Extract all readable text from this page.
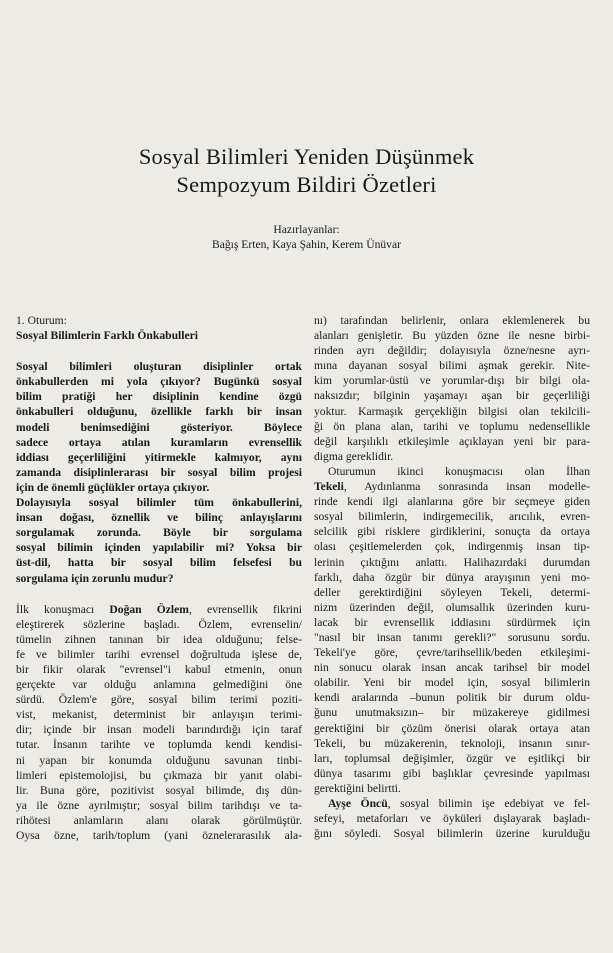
Sosyal Bilimleri Yeniden Düşünmek
Sempozyum Bildiri Özetleri
Hazırlayanlar:
Bağış Erten, Kaya Şahin, Kerem Ünüvar
1. Oturum:
Sosyal Bilimlerin Farklı Önkabulleri
Sosyal bilimleri oluşturan disiplinler ortak
önkabullerden mi yola çıkıyor? Bugünkü sosyal
bilim pratiği her disiplinin kendine özgü
önkabulleri olduğunu, özellikle farklı bir insan
modeli benimsediğini gösteriyor. Böylece
sadece ortaya atılan kuramların evrensellik
iddiası geçerliliğini yitirmekle kalmıyor, aynı
zamanda disiplinlerarası bir sosyal bilim projesi
için de önemli güçlükler ortaya çıkıyor.
Dolayısıyla sosyal bilimler tüm önkabullerini,
insan doğası, öznellik ve bilinç anlayışlarını
sorgulamak zorunda. Böyle bir sorgulama
sosyal bilimin içinden yapılabilir mi? Yoksa bir
üst-dil, hatta bir sosyal bilim felsefesi bu
sorgulama için zorunlu mudur?
İlk konuşmacı Doğan Özlem, evrensellik fikrini
eleştirerek sözlerine başladı. Özlem, evrenselin/
tümelin zihnen tanınan bir idea olduğunu; felse-
fe ve bilimler tarihi evrensel doğrultuda işlese de,
bir fikir olarak "evrensel"i kabul etmenin, onun
gerçekte var olduğu anlamına gelmediğini öne
sürdü. Özlem'e göre, sosyal bilim terimi poziti-
vist, mekanist, determinist bir anlayışın terimi-
dir; içinde bir insan modeli barındırdığı için taraf
tutar. İnsanın tarihte ve toplumda kendi kendisi-
ni yapan bir konumda olduğunu savunan tinbi-
limleri epistemolojisi, bu çıkmaza bir yanıt olabi-
lir. Buna göre, pozitivist sosyal bilimde, dış dün-
ya ile özne ayrılmıştır; sosyal bilim tarihdışı ve ta-
rihötesi anlamların alanı olarak görülmüştür.
Oysa özne, tarih/toplum (yani öznelerarasılık ala-
nı) tarafından belirlenir, onlara eklemlenerek bu
alanları genişletir. Bu yüzden özne ile nesne birbi-
rinden ayrı değildir; dolayısıyla özne/nesne ayrı-
mına dayanan sosyal bilimi aşmak gerekir. Nite-
kim yorumlar-üstü ve yorumlar-dışı bir bilgi ola-
naksızdır; bilginin yaşamayı aşan bir geçerliliği
yoktur. Karmaşık gerçekliğin bilgisi olan tekilcili-
ği ön plana alan, tarihi ve toplumu nedensellikle
değil karşılıklı etkileşimle açıklayan yeni bir para-
digma gereklidir.
Oturumun ikinci konuşmacısı olan İlhan
Tekeli, Aydınlanma sonrasında insan modelle-
rinde kendi ilgi alanlarına göre bir seçmeye giden
sosyal bilimlerin, indirgemecilik, arıcılık, evren-
selcilik gibi risklere girdiklerini, sonuçta da ortaya
olası çeşitlemelerden çok, indirgenmiş insan tip-
lerinin çıktığını anlattı. Halihazırdaki durumdan
farklı, daha özgür bir dünya arayışının yeni mo-
deller gerektirdiğini söyleyen Tekeli, determi-
nizm üzerinden değil, olumsallık üzerinden kuru-
lacak bir evrensellik iddiasını sürdürmek için
"nasıl bir insan tanımı gerekli?" sorusunu sordu.
Tekeli'ye göre, çevre/tarihsellik/beden etkileşimi-
nin sonucu olarak insan ancak tarihsel bir model
olabilir. Yeni bir model için, sosyal bilimlerin
kendi aralarında –bunun politik bir durum oldu-
ğunu unutmaksızın– bir müzakereye gidilmesi
gerektiğini bir çözüm önerisi olarak ortaya atan
Tekeli, bu müzakerenin, teknoloji, insanın sınır-
ları, toplumsal değişimler, özgür ve eşitlikçi bir
dünya tasarımı gibi başlıklar çevresinde yapılması
gerektiğini belirtti.
Ayşe Öncü, sosyal bilimin işe edebiyat ve fel-
sefeyi, metaforları ve öyküleri dışlayarak başladı-
ğını söyledi. Sosyal bilimlerin üzerine kurulduğu
